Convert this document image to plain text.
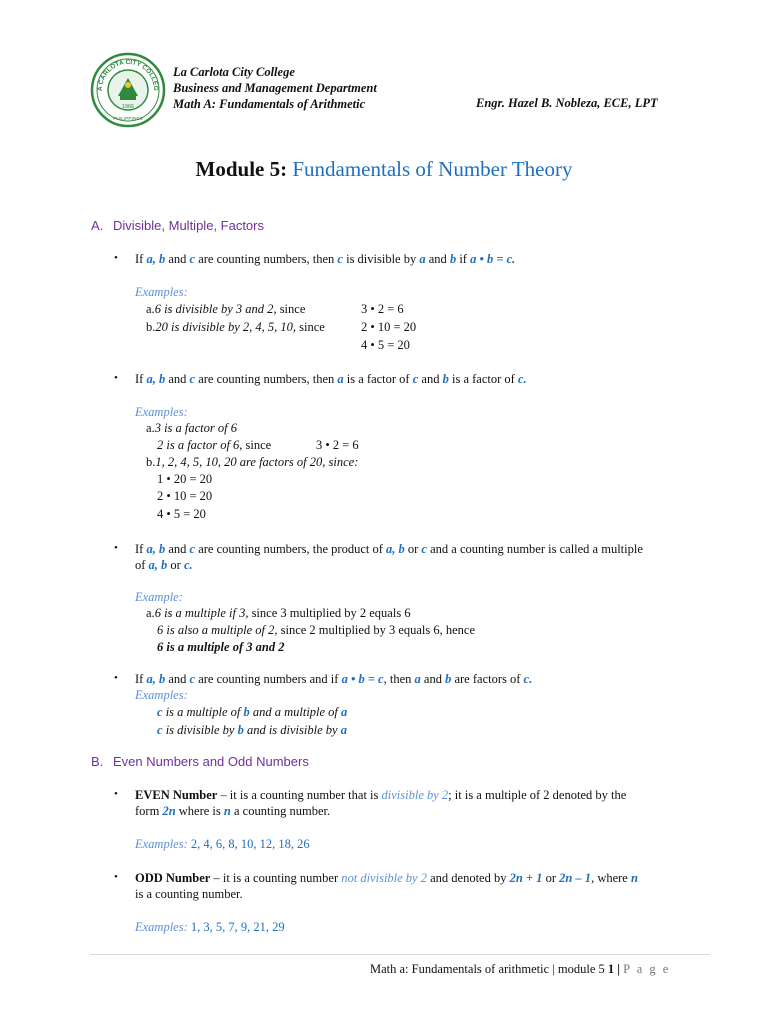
A CARLOTA CITY COLLEG
1966
PHILIPPINES
La Carlota City College
Business and Management Department
Math A: Fundamentals of Arithmetic	Engr. Hazel B. Nobleza, ECE, LPT
Module 5: Fundamentals of Number Theory
A. Divisible, Multiple, Factors
• If a, b and c are counting numbers, then c is divisible by a and b if a • b = c.
Examples:
a.6 is divisible by 3 and 2, since
b.20 is divisible by 2, 4, 5, 10, since
3 • 2 = 6
2 • 10 = 20
4 • 5 = 20
• If a, b and c are counting numbers, then a is a factor of c and b is a factor of c.
Examples:
a.3 is a factor of 6
2 is a factor of 6, since	3 • 2 = 6
b.1, 2, 4, 5, 10, 20 are factors of 20, since:
1 • 20 = 20
2 • 10 = 20
4 • 5 = 20
• If a, b and c are counting numbers, the product of a, b or c and a counting number is called a multiple
of a, b or c.
Example:
a.6 is a multiple if 3, since 3 multiplied by 2 equals 6
6 is also a multiple of 2, since 2 multiplied by 3 equals 6, hence
6 is a multiple of 3 and 2
• If a, b and c are counting numbers and if a • b = c, then a and b are factors of c.
Examples:
c is a multiple of b and a multiple of a
c is divisible by b and is divisible by a
B. Even Numbers and Odd Numbers
• EVEN Number – it is a counting number that is divisible by 2; it is a multiple of 2 denoted by the
form 2n where is n a counting number.
Examples: 2, 4, 6, 8, 10, 12, 18, 26
• ODD Number – it is a counting number not divisible by 2 and denoted by 2n + 1 or 2n – 1, where n
is a counting number.
Examples: 1, 3, 5, 7, 9, 21, 29
Math a: Fundamentals of arithmetic | module 5 1 | P a g e
